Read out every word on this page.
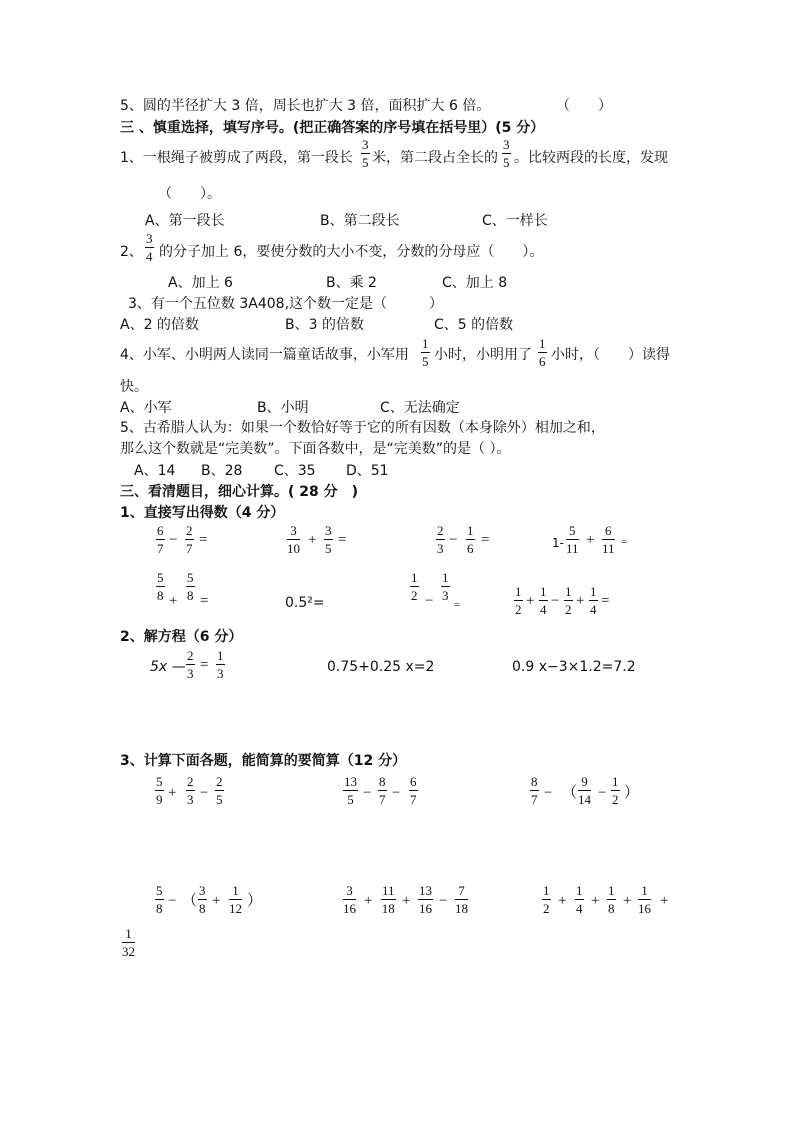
5、圆的半径扩大 3 倍，周长也扩大 3 倍，面积扩大 6 倍。	（　　）
三 、慎重选择，填写序号。(把正确答案的序号填在括号里）(5 分）
1、一根绳子被剪成了两段，第一段长
3
5 米，第二段占全长的
3
5 。比较两段的长度，发现
（　　）。
A、第一段长	B、第二段长	C、一样长
2、
3
4 的分子加上 6，要使分数的大小不变，分数的分母应（　　）。
A、加上 6	B、乘 2	C、加上 8
3、有一个五位数 3A408,这个数一定是（　　　）
A、2 的倍数	B、3 的倍数	C、5 的倍数
4、小军、小明两人读同一篇童话故事，小军用
1
5 小时，小明用了
1
6 小时，（　　）读得
快。
A、小军	B、小明	C、无法确定
5、古希腊人认为：如果一个数恰好等于它的所有因数（本身除外）相加之和，
那么这个数就是“完美数”。下面各数中，是“完美数”的是（ ）。
A、14 B、28 C、35 D、51
三、看清题目，细心计算。( 28 分　)
1、直接写出得数（4 分）
6
7
−
2
7
=
3
10
+
3
5
=
2
3
−
1
6
=	1-
5
11
+
6
11 =
5
8 +
5
8 =	0.5²=
1
2 −
1
3
=
1
2
+
1
4
−
1
2
+
1
4
=
2、解方程（6 分）
5x —
2
3
=
1
3	0.75+0.25 x=2	0.9 x−3×1.2=7.2
3、计算下面各题，能简算的要简算（12 分）
5
9 +
2
3 −
2
5
13
5 −
8
7 −
6
7
8
7 − （
9
14 −
1
2 ）
5
8 − （
3
8 +
1
12 ）
3
16 +
11
18 +
13
16 −
7
18
1
2 +
1
4 +
1
8 +
1
16 +
1
32
